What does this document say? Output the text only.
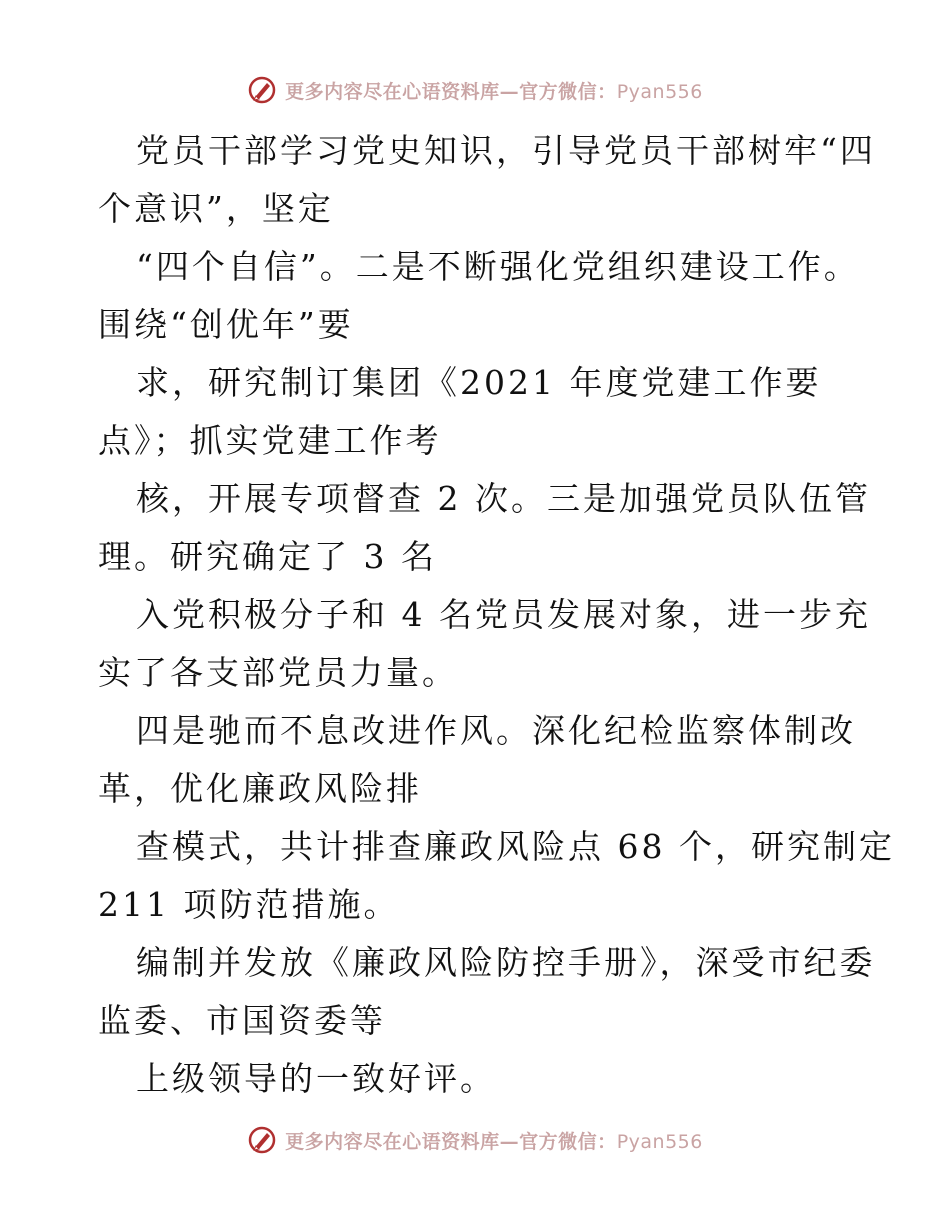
更多内容尽在心语资料库—官方微信：Pyan556
党员干部学习党史知识，引导党员干部树牢“四
个意识”，坚定
“四个自信”。二是不断强化党组织建设工作。
围绕“创优年”要
求，研究制订集团《2021 年度党建工作要
点》；抓实党建工作考
核，开展专项督查 2 次。三是加强党员队伍管
理。研究确定了 3 名
入党积极分子和 4 名党员发展对象，进一步充
实了各支部党员力量。
四是驰而不息改进作风。深化纪检监察体制改
革，优化廉政风险排
查模式，共计排查廉政风险点 68 个，研究制定
211 项防范措施。
编制并发放《廉政风险防控手册》，深受市纪委
监委、市国资委等
上级领导的一致好评。
更多内容尽在心语资料库—官方微信：Pyan556
